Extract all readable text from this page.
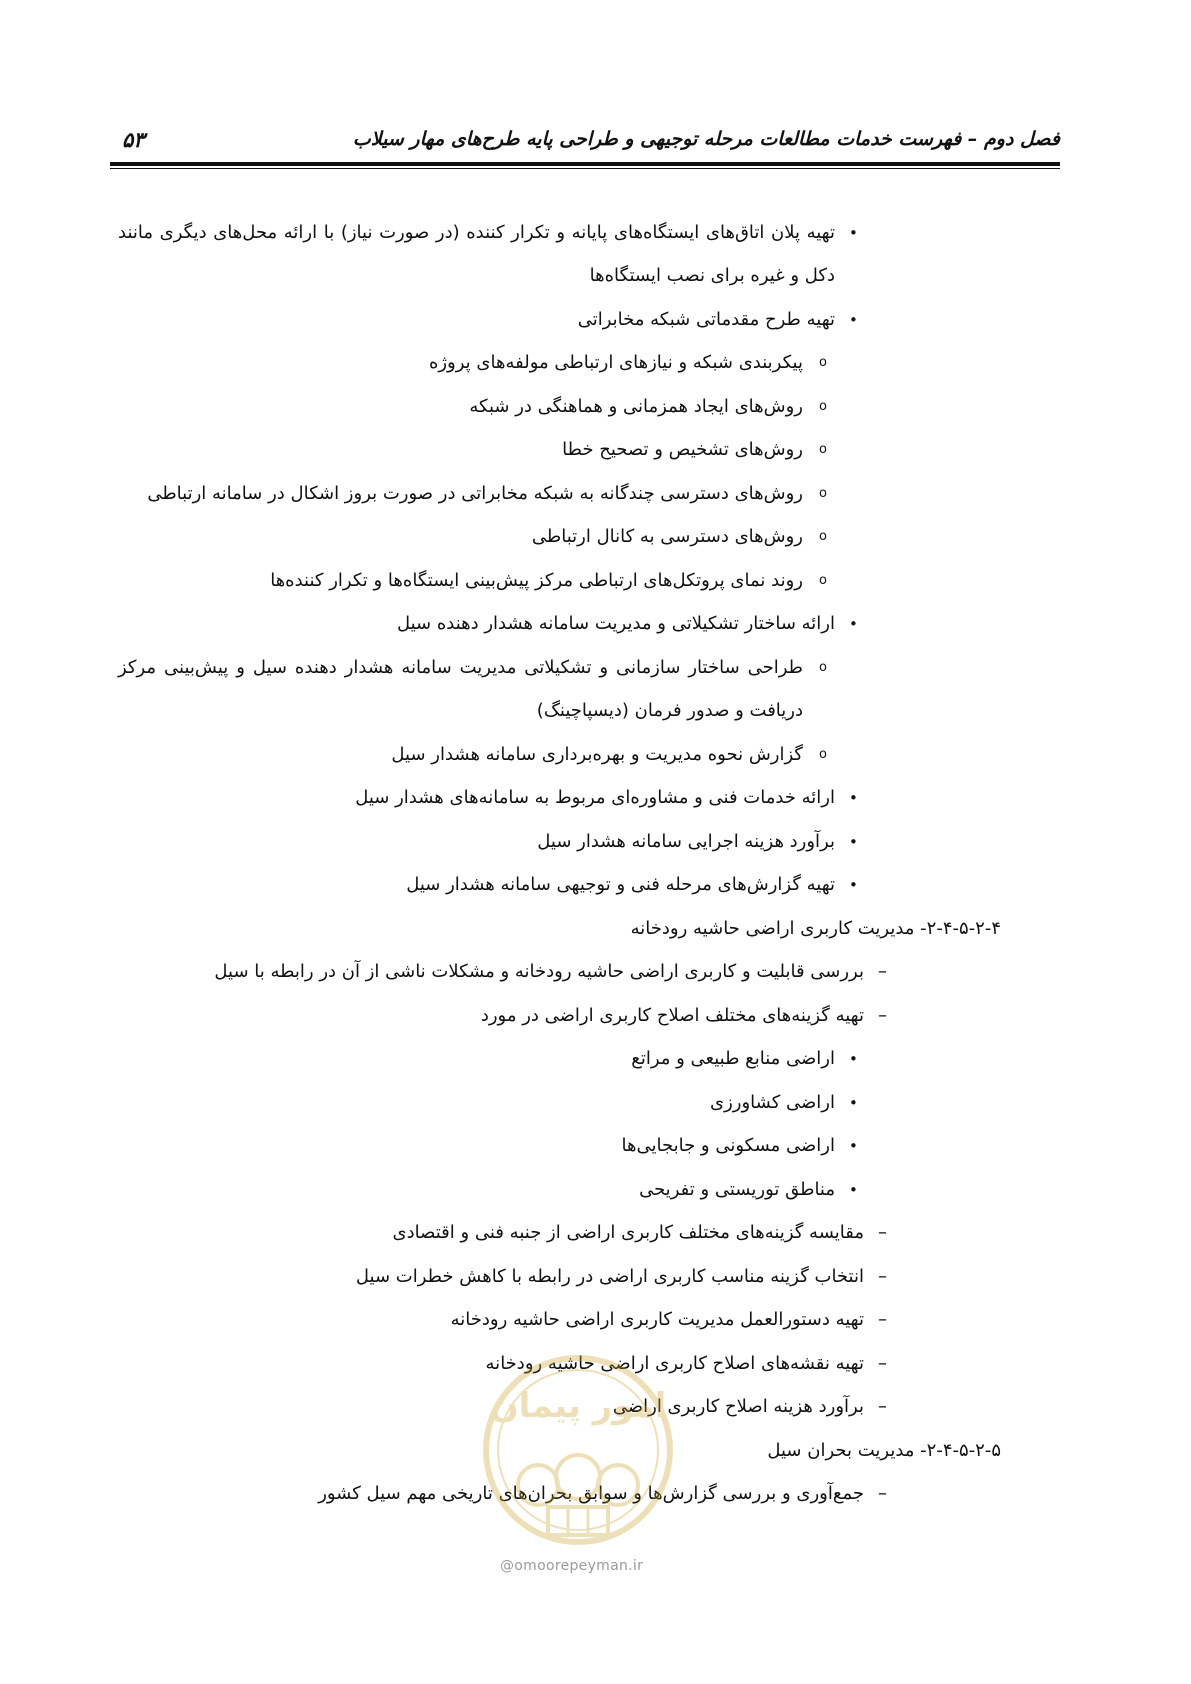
فصل دوم – فهرست خدمات مطالعات مرحله توجیهی و طراحی پایه طرح‌های مهار سیلاب
۵۳
•
تهیه پلان اتاق‌های ایستگاه‌های پایانه و تکرار کننده (در صورت نیاز) با ارائه محل‌های دیگری مانند
دکل و غیره برای نصب ایستگاه‌ها
•
تهیه طرح مقدماتی شبکه مخابراتی
o
پیکربندی شبکه و نیازهای ارتباطی مولفه‌های پروژه
o
روش‌های ایجاد همزمانی و هماهنگی در شبکه
o
روش‌های تشخیص و تصحیح خطا
o
روش‌های دسترسی چندگانه به شبکه مخابراتی در صورت بروز اشکال در سامانه ارتباطی
o
روش‌های دسترسی به کانال ارتباطی
o
روند نمای پروتکل‌های ارتباطی مرکز پیش‌بینی ایستگاه‌ها و تکرار کننده‌ها
•
ارائه ساختار تشکیلاتی و مدیریت سامانه هشدار دهنده سیل
o
طراحی ساختار سازمانی و تشکیلاتی مدیریت سامانه هشدار دهنده سیل و پیش‌بینی مرکز
دریافت و صدور فرمان (دیسپاچینگ)
o
گزارش نحوه مدیریت و بهره‌برداری سامانه هشدار سیل
•
ارائه خدمات فنی و مشاوره‌ای مربوط به سامانه‌های هشدار سیل
•
برآورد هزینه اجرایی سامانه هشدار سیل
•
تهیه گزارش‌های مرحله فنی و توجیهی سامانه هشدار سیل
۲-۴-۵-۲-۴- مدیریت کاربری اراضی حاشیه رودخانه
–
بررسی قابلیت و کاربری اراضی حاشیه رودخانه و مشکلات ناشی از آن در رابطه با سیل
–
تهیه گزینه‌های مختلف اصلاح کاربری اراضی در مورد
•
اراضی منابع طبیعی و مراتع
•
اراضی کشاورزی
•
اراضی مسکونی و جابجایی‌ها
•
مناطق توریستی و تفریحی
–
مقایسه گزینه‌های مختلف کاربری اراضی از جنبه فنی و اقتصادی
–
انتخاب گزینه مناسب کاربری اراضی در رابطه با کاهش خطرات سیل
–
تهیه دستورالعمل مدیریت کاربری اراضی حاشیه رودخانه
–
تهیه نقشه‌های اصلاح کاربری اراضی حاشیه رودخانه
–
برآورد هزینه اصلاح کاربری اراضی
۲-۴-۵-۲-۵- مدیریت بحران سیل
–
جمع‌آوری و بررسی گزارش‌ها و سوابق بحران‌های تاریخی مهم سیل کشور
امور پیمان
@omoorepeyman.ir
